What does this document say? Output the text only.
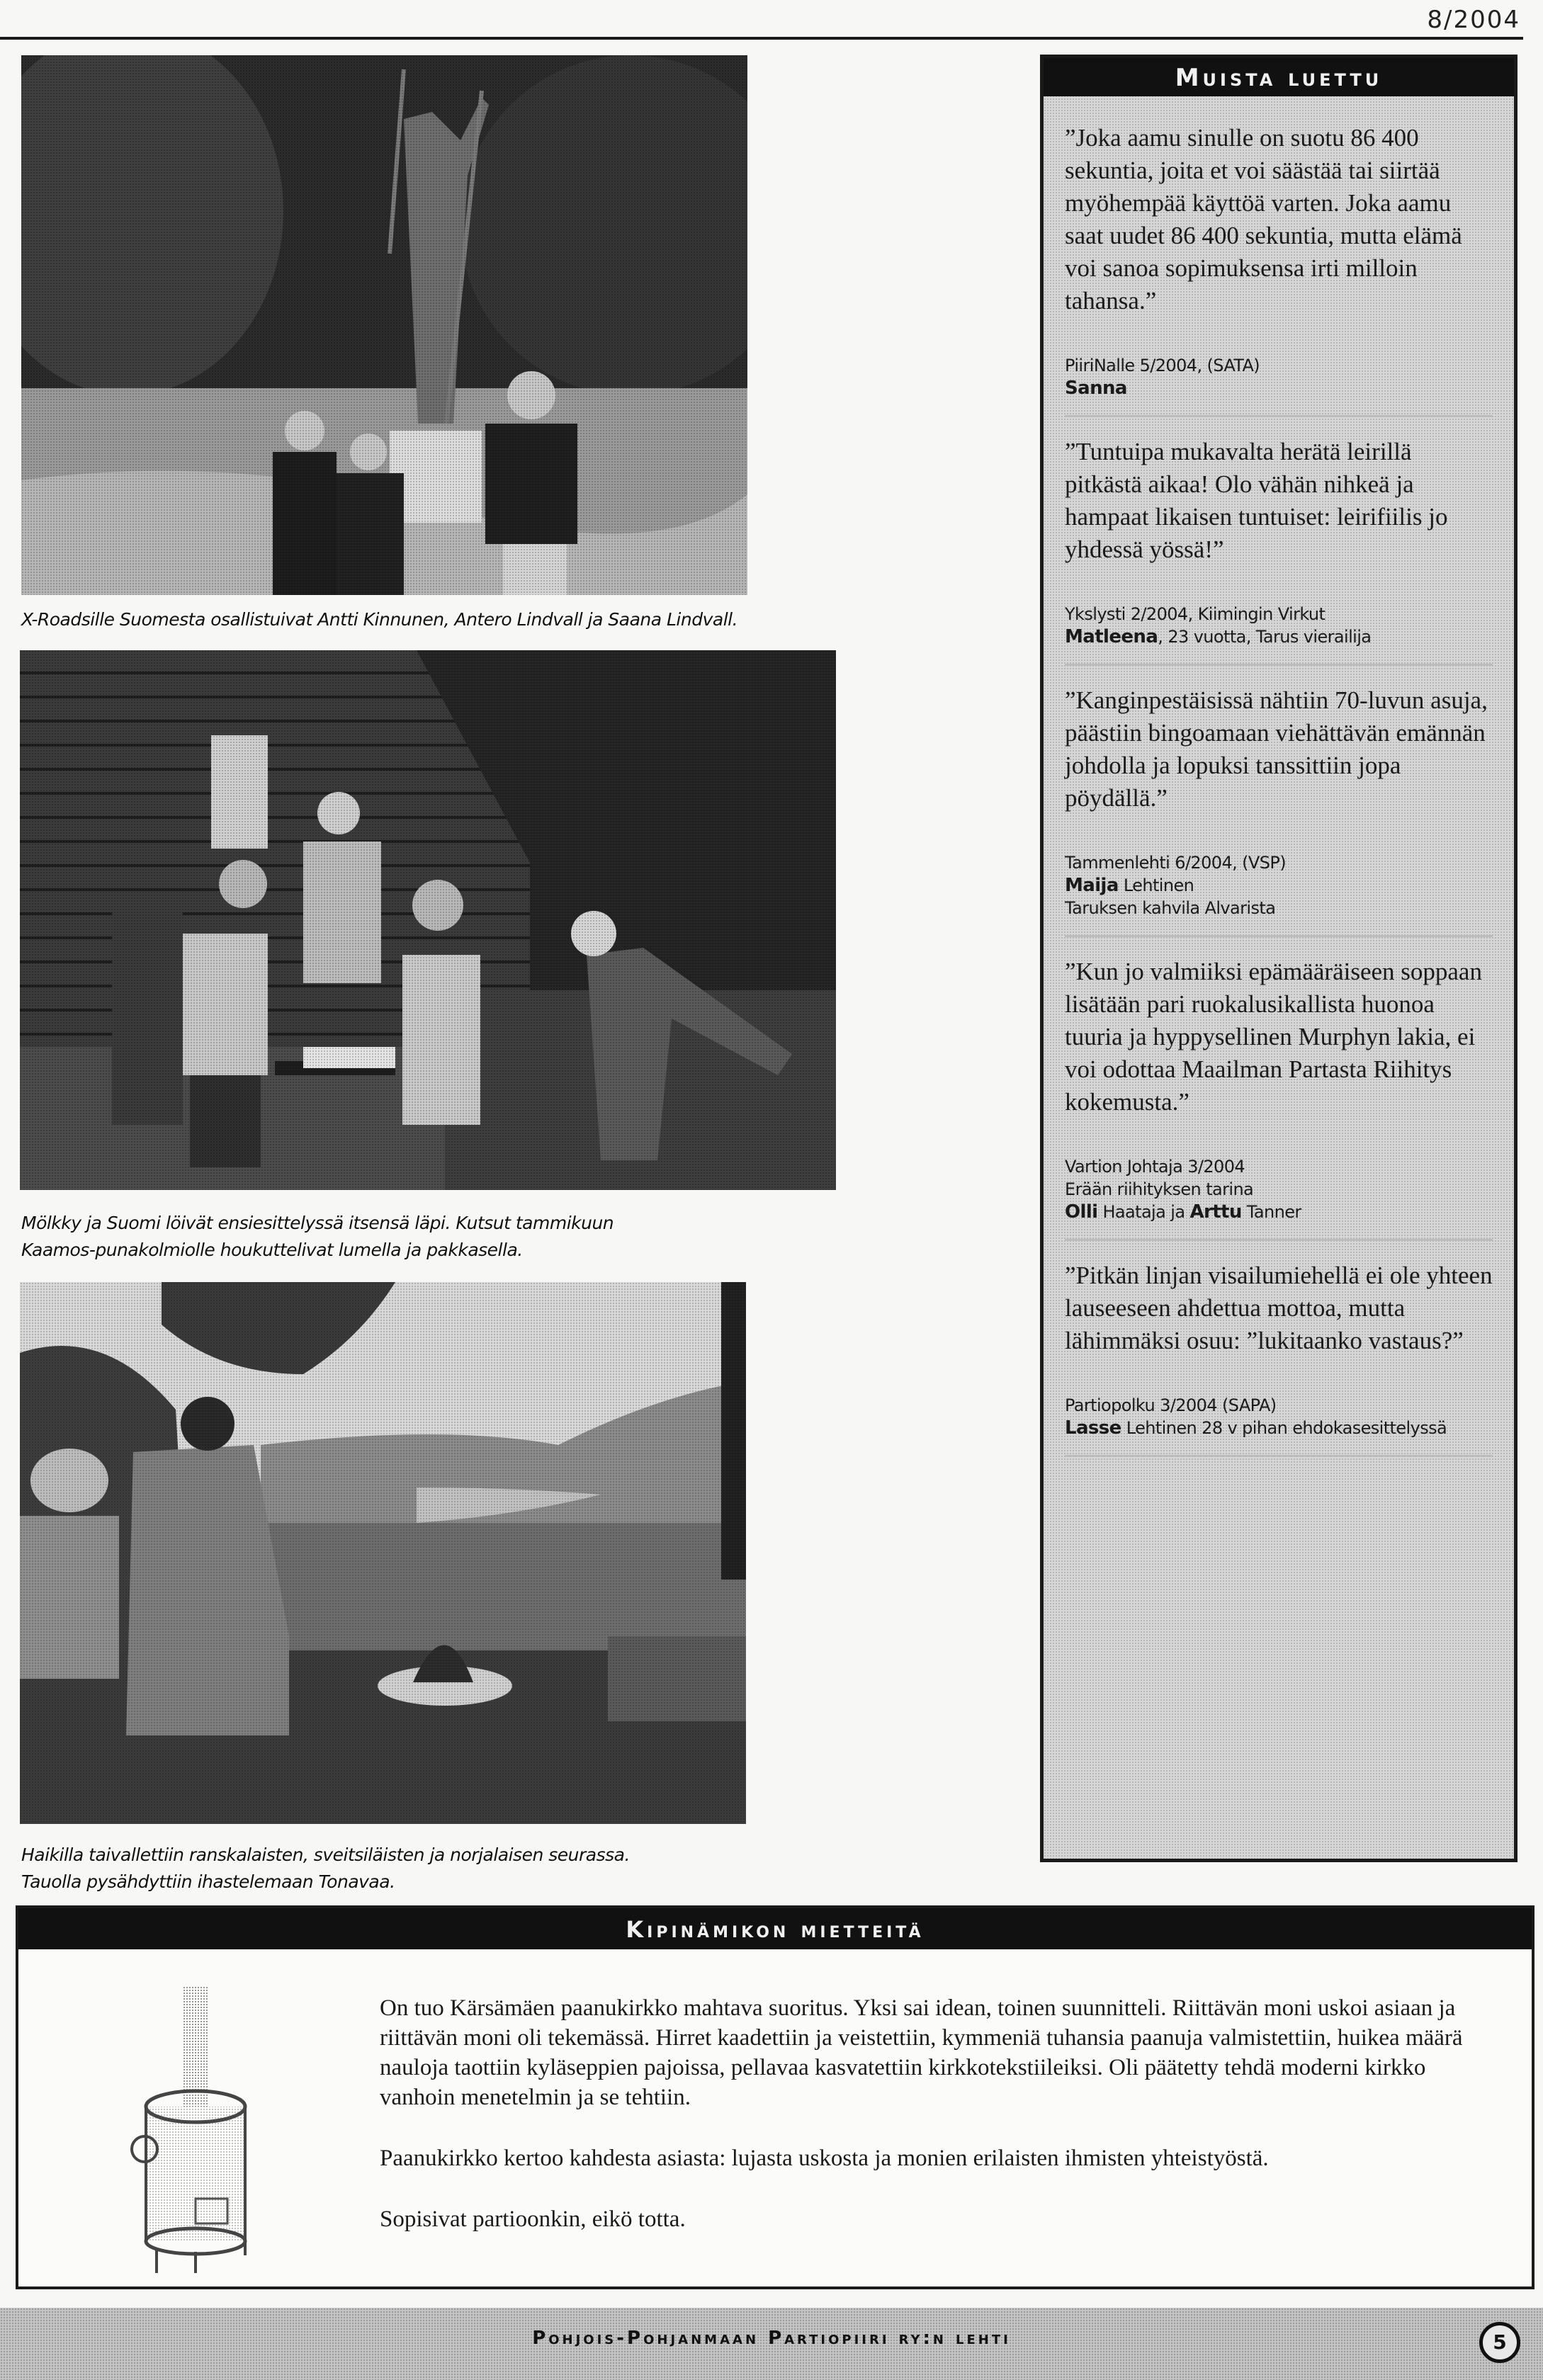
8/2004
X-Roadsille Suomesta osallistuivat Antti Kinnunen, Antero Lindvall ja Saana Lindvall.
Mölkky ja Suomi löivät ensiesittelyssä itsensä läpi. Kutsut tammikuun
Kaamos-punakolmiolle houkuttelivat lumella ja pakkasella.
Haikilla taivallettiin ranskalaisten, sveitsiläisten ja norjalaisen seurassa.
Tauolla pysähdyttiin ihastelemaan Tonavaa.
Muista luettu

”Joka aamu sinulle on suotu 86 400 sekuntia, joita et voi säästää tai siirtää myöhempää käyttöä varten. Joka aamu saat uudet 86 400 sekuntia, mutta elämä voi sanoa sopimuksensa irti milloin tahansa.”

PiiriNalle 5/2004, (SATA)
Sanna

”Tuntuipa mukavalta herätä leirillä pitkästä aikaa! Olo vähän nihkeä ja hampaat likaisen tuntuiset: leirifiilis jo yhdessä yössä!”

Ykslysti 2/2004, Kiimingin Virkut
Matleena, 23 vuotta, Tarus vierailija

”Kanginpestäisissä nähtiin 70-luvun asuja, päästiin bingoamaan viehättävän emännän johdolla ja lopuksi tanssittiin jopa pöydällä.”

Tammenlehti 6/2004, (VSP)
Maija Lehtinen
Taruksen kahvila Alvarista

”Kun jo valmiiksi epämääräiseen soppaan lisätään pari ruokalusikallista huonoa tuuria ja hyppysellinen Murphyn lakia, ei voi odottaa Maailman Partasta Riihitys kokemusta.”

Vartion Johtaja 3/2004
Erään riihityksen tarina
Olli Haataja ja Arttu Tanner

”Pitkän linjan visailumiehellä ei ole yhteen lauseeseen ahdettua mottoa, mutta lähimmäksi osuu: ”lukitaanko vastaus?”

Partiopolku 3/2004 (SAPA)
Lasse Lehtinen 28 v pihan ehdokasesittelyssä
Kipinämikon mietteitä

On tuo Kärsämäen paanukirkko mahtava suoritus. Yksi sai idean, toinen suunnitteli. Riittävän moni uskoi asiaan ja riittävän moni oli tekemässä. Hirret kaadettiin ja veistettiin, kymmeniä tuhansia paanuja valmistettiin, huikea määrä nauloja taottiin kyläseppien pajoissa, pellavaa kasvatettiin kirkkotekstiileiksi. Oli päätetty tehdä moderni kirkko vanhoin menetelmin ja se tehtiin.

Paanukirkko kertoo kahdesta asiasta: lujasta uskosta ja monien erilaisten ihmisten yhteistyöstä.

Sopisivat partioonkin, eikö totta.

Pohjois-Pohjanmaan Partiopiiri ry:n lehti	5
